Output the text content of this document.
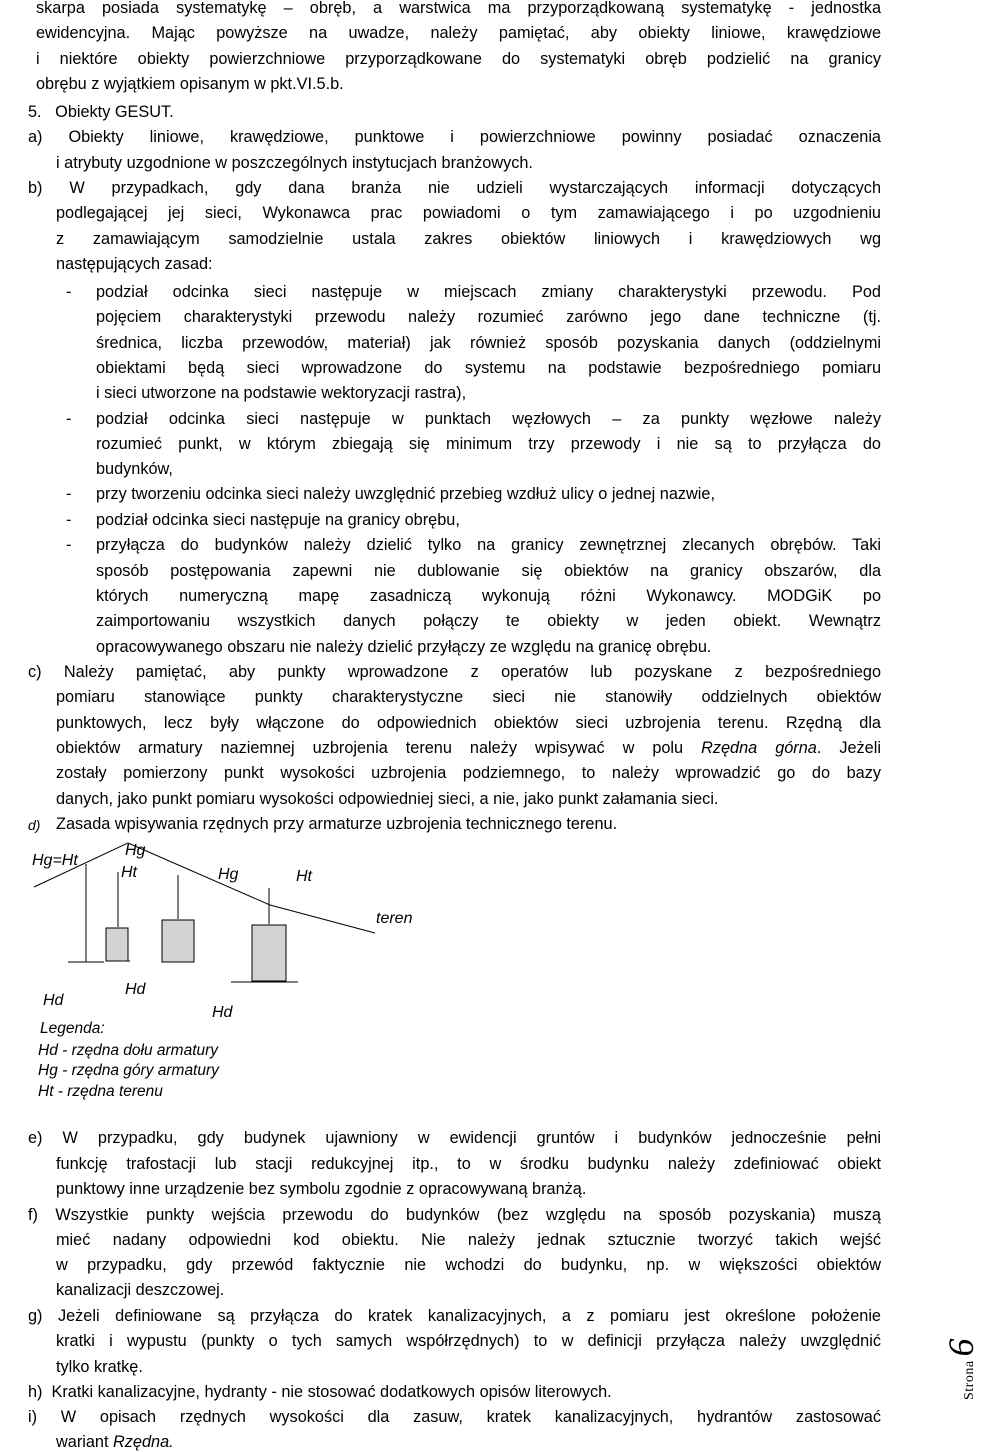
skarpa posiada systematykę – obręb, a warstwica ma przyporządkowaną systematykę - jednostka
ewidencyjna. Mając powyższe na uwadze, należy pamiętać, aby obiekty liniowe, krawędziowe
i niektóre obiekty powierzchniowe przyporządkowane do systematyki obręb podzielić na granicy
obrębu z wyjątkiem opisanym w pkt.VI.5.b.
5.   Obiekty GESUT.
a) Obiekty liniowe, krawędziowe, punktowe i powierzchniowe powinny posiadać oznaczenia
i atrybuty uzgodnione w poszczególnych instytucjach branżowych.
b) W przypadkach, gdy dana branża nie udzieli wystarczających informacji dotyczących
podlegającej jej sieci, Wykonawca prac powiadomi o tym zamawiającego i po uzgodnieniu
z zamawiającym samodzielnie ustala zakres obiektów liniowych i krawędziowych wg
następujących zasad:
- podział odcinka sieci następuje w miejscach zmiany charakterystyki przewodu. Pod
pojęciem charakterystyki przewodu należy rozumieć zarówno jego dane techniczne (tj.
średnica, liczba przewodów, materiał) jak również sposób pozyskania danych (oddzielnymi
obiektami będą sieci wprowadzone do systemu na podstawie bezpośredniego pomiaru
i sieci utworzone na podstawie wektoryzacji rastra),
- podział odcinka sieci następuje w punktach węzłowych – za punkty węzłowe należy
rozumieć punkt, w którym zbiegają się minimum trzy przewody i nie są to przyłącza do
budynków,
- przy tworzeniu odcinka sieci należy uwzględnić przebieg wzdłuż ulicy o jednej nazwie,
- podział odcinka sieci następuje na granicy obrębu,
- przyłącza do budynków należy dzielić tylko na granicy zewnętrznej zlecanych obrębów. Taki
sposób postępowania zapewni nie dublowanie się obiektów na granicy obszarów, dla
których numeryczną mapę zasadniczą wykonują różni Wykonawcy. MODGiK po
zaimportowaniu wszystkich danych połączy te obiekty w jeden obiekt. Wewnątrz
opracowywanego obszaru nie należy dzielić przyłączy ze względu na granicę obrębu.
c) Należy pamiętać, aby punkty wprowadzone z operatów lub pozyskane z bezpośredniego
pomiaru stanowiące punkty charakterystyczne sieci nie stanowiły oddzielnych obiektów
punktowych, lecz były włączone do odpowiednich obiektów sieci uzbrojenia terenu. Rzędną dla
obiektów armatury naziemnej uzbrojenia terenu należy wpisywać w polu Rzędna górna. Jeżeli
zostały pomierzony punkt wysokości uzbrojenia podziemnego, to należy wprowadzić go do bazy
danych, jako punkt pomiaru wysokości odpowiedniej sieci, a nie, jako punkt załamania sieci.
d) Zasada wpisywania rzędnych przy armaturze uzbrojenia technicznego terenu.
Hg=Ht
Hg
Ht	Hg	Ht
teren
Hd
Hd
Hd
Legenda:
Hd - rzędna dołu armatury
Hg - rzędna góry armatury
Ht - rzędna terenu
e) W przypadku, gdy budynek ujawniony w ewidencji gruntów i budynków jednocześnie pełni
funkcję trafostacji lub stacji redukcyjnej itp., to w środku budynku należy zdefiniować obiekt
punktowy inne urządzenie bez symbolu zgodnie z opracowywaną branżą.
f) Wszystkie punkty wejścia przewodu do budynków (bez względu na sposób pozyskania) muszą
mieć nadany odpowiedni kod obiektu. Nie należy jednak sztucznie tworzyć takich wejść
w przypadku, gdy przewód faktycznie nie wchodzi do budynku, np. w większości obiektów
kanalizacji deszczowej.
g) Jeżeli definiowane są przyłącza do kratek kanalizacyjnych, a z pomiaru jest określone położenie
kratki i wypustu (punkty o tych samych współrzędnych) to w definicji przyłącza należy uwzględnić
tylko kratkę.
h)  Kratki kanalizacyjne, hydranty - nie stosować dodatkowych opisów literowych.
i) W opisach rzędnych wysokości dla zasuw, kratek kanalizacyjnych, hydrantów zastosować
wariant Rzędna.
Strona6
